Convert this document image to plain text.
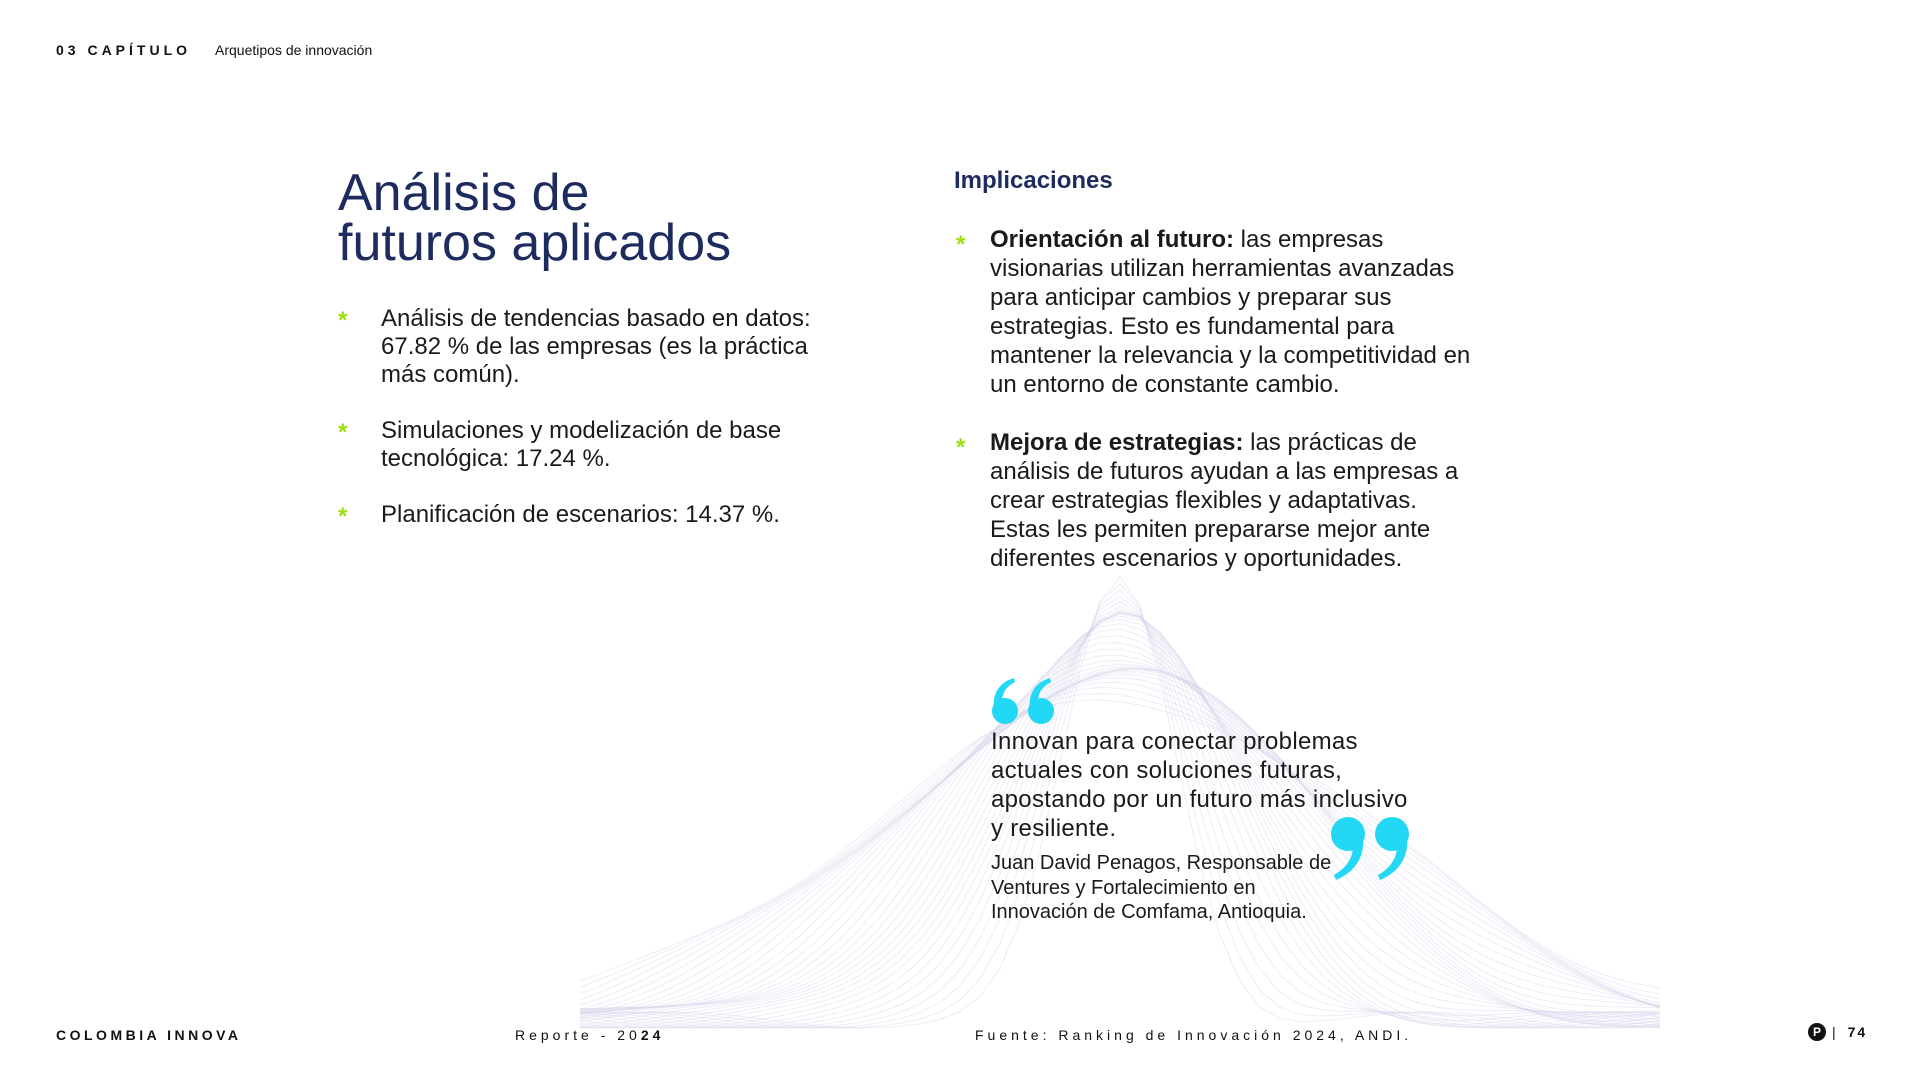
03 CAPÍTULO Arquetipos de innovación
Análisis de
futuros aplicados
* Análisis de tendencias basado en datos: 67.82 % de las empresas (es la práctica más común).
* Simulaciones y modelización de base tecnológica: 17.24 %.
* Planificación de escenarios: 14.37 %.
Implicaciones
* Orientación al futuro: las empresas visionarias utilizan herramientas avanzadas para anticipar cambios y preparar sus estrategias. Esto es fundamental para mantener la relevancia y la competitividad en un entorno de constante cambio.
* Mejora de estrategias: las prácticas de análisis de futuros ayudan a las empresas a crear estrategias flexibles y adaptativas. Estas les permiten prepararse mejor ante diferentes escenarios y oportunidades.
Innovan para conectar problemas actuales con soluciones futuras, apostando por un futuro más inclusivo y resiliente.
Juan David Penagos, Responsable de Ventures y Fortalecimiento en Innovación de Comfama, Antioquia.
COLOMBIA INNOVA	Reporte - 2024	Fuente: Ranking de Innovación 2024, ANDI.	P | 74
